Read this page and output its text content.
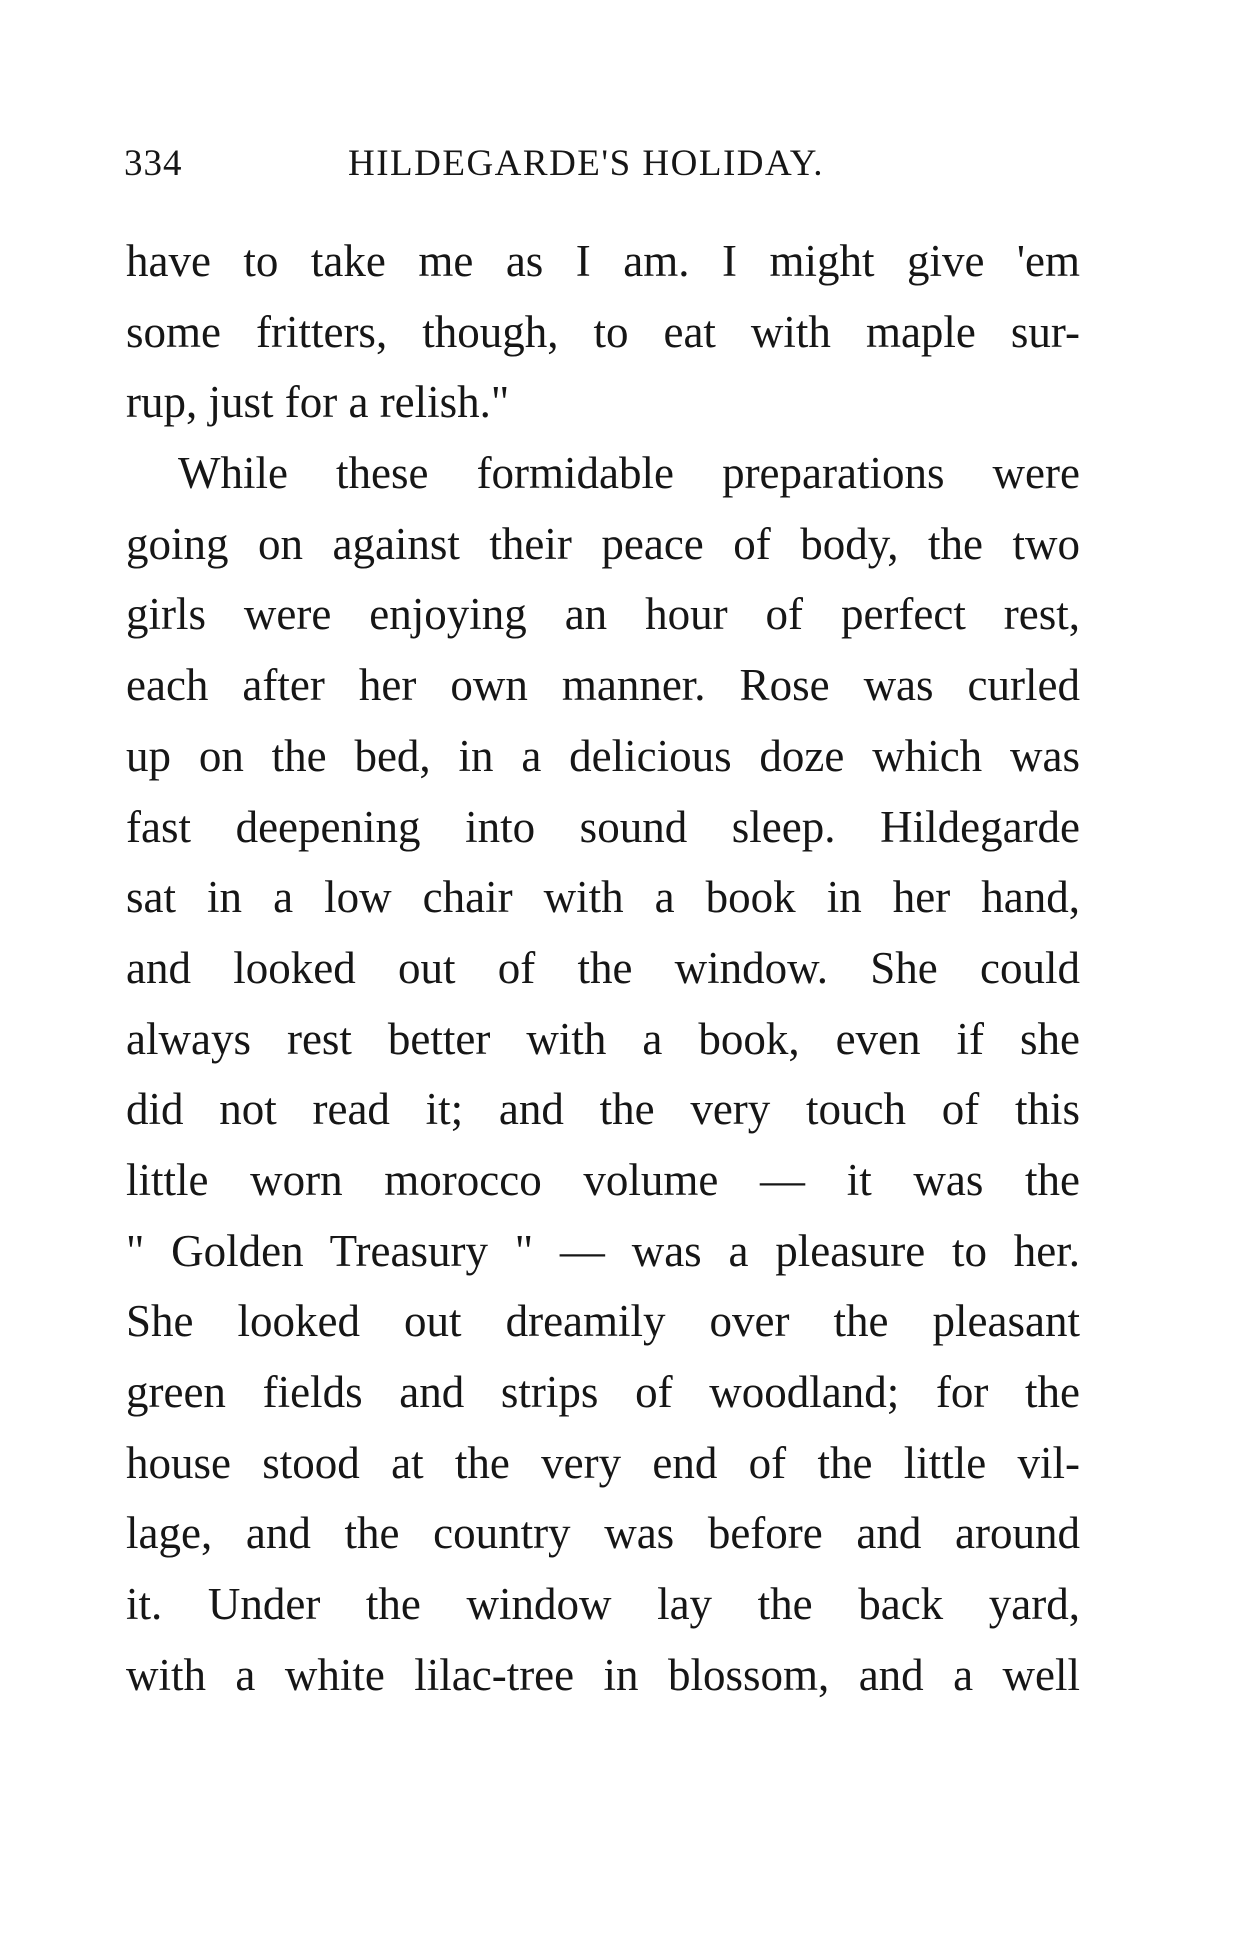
334	HILDEGARDE'S HOLIDAY.
have to take me as I am. I might give 'em
some fritters, though, to eat with maple sur-
rup, just for a relish."
While these formidable preparations were
going on against their peace of body, the two
girls were enjoying an hour of perfect rest,
each after her own manner. Rose was curled
up on the bed, in a delicious doze which was
fast deepening into sound sleep. Hildegarde
sat in a low chair with a book in her hand,
and looked out of the window. She could
always rest better with a book, even if she
did not read it; and the very touch of this
little worn morocco volume — it was the
" Golden Treasury " — was a pleasure to her.
She looked out dreamily over the pleasant
green fields and strips of woodland; for the
house stood at the very end of the little vil-
lage, and the country was before and around
it. Under the window lay the back yard,
with a white lilac-tree in blossom, and a well
